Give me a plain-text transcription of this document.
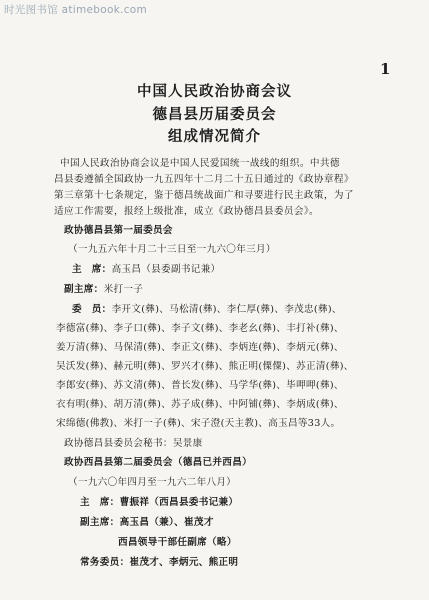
时光图书馆 atimebook.com
1
中国人民政治协商会议
德昌县历届委员会
组成情况简介
中国人民政治协商会议是中国人民爱国统一战线的组织。中共德
昌县委遵循全国政协一九五四年十二月二十五日通过的《政协章程》
第三章第十七条规定，鉴于德昌统战面广和寻要进行民主政策，为了
适应工作需要，报经上级批准，成立《政协德昌县委员会》。
政协德昌县第一届委员会
（一九五六年十月二十三日至一九六〇年三月）
主　席：高玉昌（县委副书记兼）
副主席：米打一子
委　员：李开文(彝)、马松清(彝)、李仁厚(彝)、李茂忠(彝)、
李德富(彝)、李子口(彝)、李子文(彝)、李老幺(彝)、丰打补(彝)、
姜万清(彝)、马保清(彝)、李正文(彝)、李炳连(彝)、李炳元(彝)、
吴沃发(彝)、赫元明(彝)、罗兴才(彝)、熊正明(傈僳)、苏正清(彝)、
李郎安(彝)、苏文清(彝)、普长发(彝)、马学华(彝)、毕呷呷(彝)、
衣有明(彝)、胡万清(彝)、苏子成(彝)、中阿铺(彝)、李炳成(彝)、
宋绵德(佛教)、米打一子(彝)、宋子澄(天主教)、高玉昌等33人。
政协德昌县委员会秘书：吴景康
政协西昌县第二届委员会（德昌已并西昌）
（一九六〇年四月至一九六二年八月）
主　席：曹振祥（西昌县委书记兼）
副主席：高玉昌（兼）、崔茂才
西昌领导干部任副席（略）
常务委员：崔茂才、李炳元、熊正明
